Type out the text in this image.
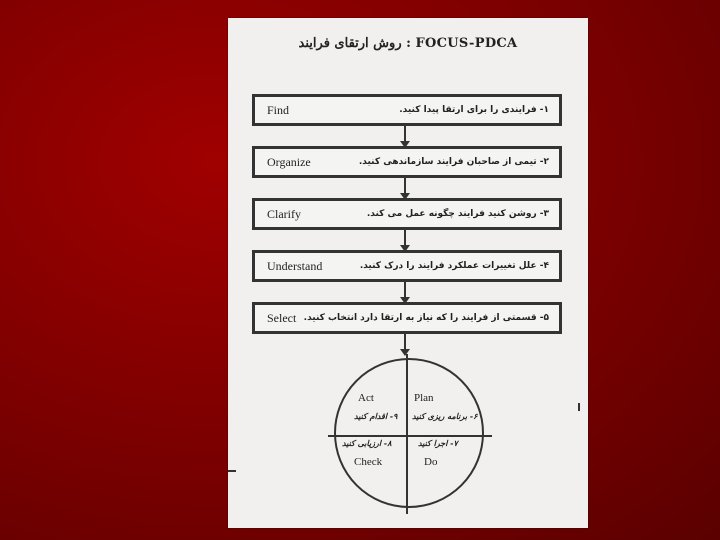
روش ارتقای فرایند : FOCUS-PDCA
Find	۱- فرایندی را برای ارتقا پیدا کنید.
Organize	۲- تیمی از صاحبان فرایند سازماندهی کنید.
Clarify	۳- روشن کنید فرایند چگونه عمل می کند.
Understand	۴- علل تغییرات عملکرد فرایند را درک کنید.
Select ۵- قسمتی از فرایند را که نیاز به ارتقا دارد انتخاب کنید.
Act
۹- اقدام کنید
Plan
۶- برنامه ریزی کنید
۸- ارزیابی کنید
Check
۷- اجرا کنید
Do
